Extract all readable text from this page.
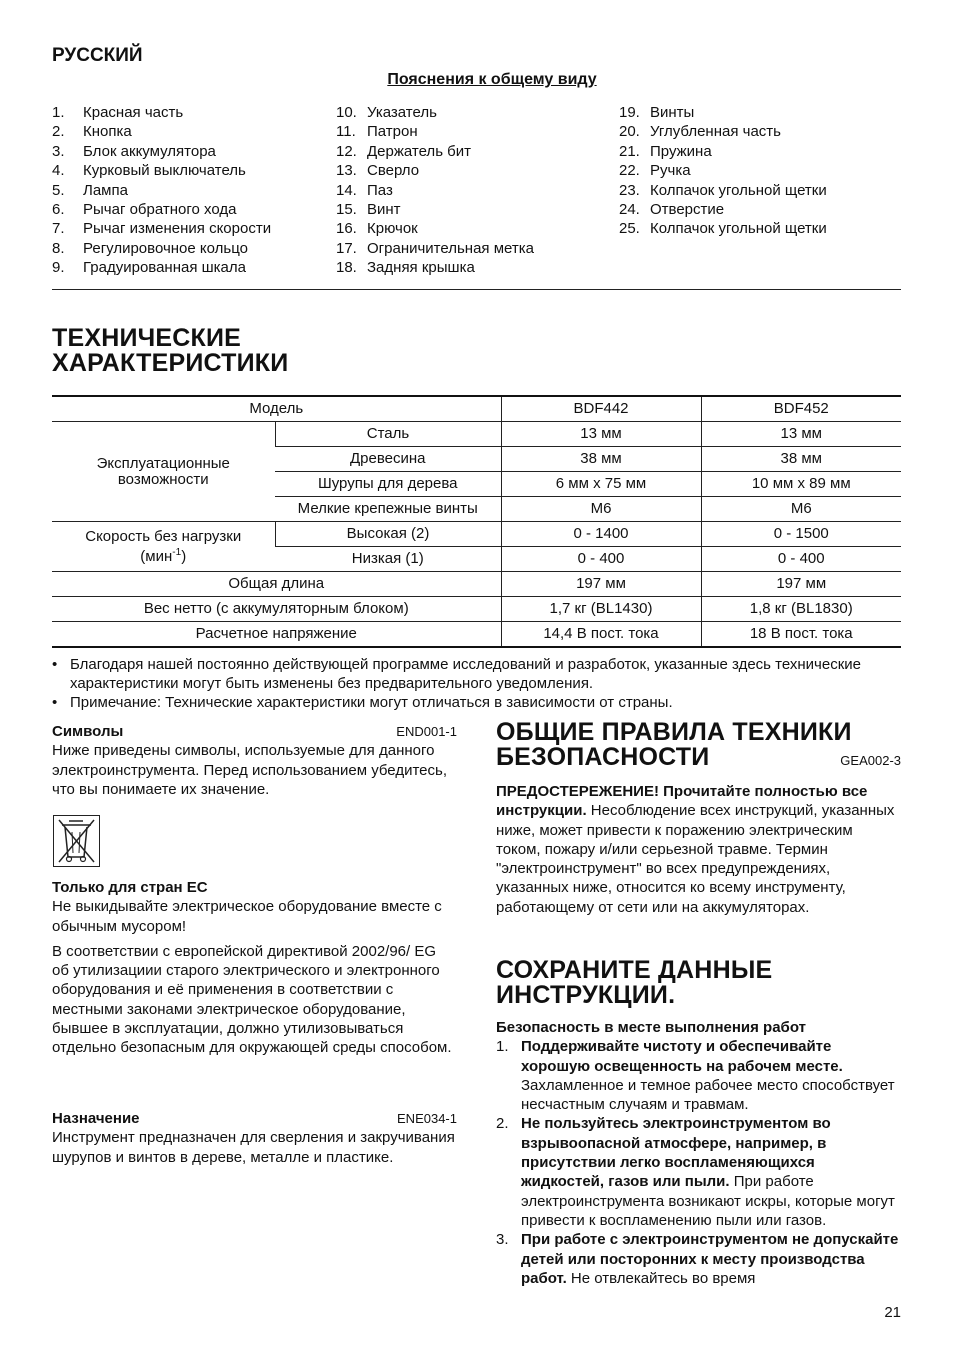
РУССКИЙ
Пояснения к общему виду
1. Красная часть
2. Кнопка
3. Блок аккумулятора
4. Курковый выключатель
5. Лампа
6. Рычаг обратного хода
7. Рычаг изменения скорости
8. Регулировочное кольцо
9. Градуированная шкала
10. Указатель
11. Патрон
12. Держатель бит
13. Сверло
14. Паз
15. Винт
16. Крючок
17. Ограничительная метка
18. Задняя крышка
19. Винты
20. Углубленная часть
21. Пружина
22. Ручка
23. Колпачок угольной щетки
24. Отверстие
25. Колпачок угольной щетки
ТЕХНИЧЕСКИЕ
ХАРАКТЕРИСТИКИ
Модель		BDF442	BDF452

Эксплуатационные
возможности	Сталь	13 мм	13 мм
	Древесина	38 мм	38 мм
	Шурупы для дерева	6 мм x 75 мм	10 мм x 89 мм
	Мелкие крепежные винты	M6	M6

Скорость без нагрузки
(мин$^{-1}$)	Высокая (2)	0 - 1400	0 - 1500
	Низкая (1)	0 - 400	0 - 400
Общая длина		197 мм	197 мм
Вес нетто (с аккумуляторным блоком)		1,7 кг (BL1430)	1,8 кг (BL1830)
Расчетное напряжение		14,4 В пост. тока	18 В пост. тока
• Благодаря нашей постоянно действующей программе исследований и разработок, указанные здесь технические характеристики могут быть изменены без предварительного уведомления.
• Примечание: Технические характеристики могут отличаться в зависимости от страны.
Символы	END001-1
Ниже приведены символы, используемые для данного электроинструмента. Перед использованием убедитесь, что вы понимаете их значение.
Только для стран ЕС
Не выкидывайте электрическое оборудование вместе с обычным мусором!
В соответствии с европейской директивой 2002/96/ EG об утилизациии старого электрического и электронного оборудования и её применения в соответствии с местными законами электрическое оборудование, бывшее в эксплуатации, должно утилизовываться отдельно безопасным для окружающей среды способом.
Назначение	ENE034-1
Инструмент предназначен для сверления и закручивания шурупов и винтов в дереве, металле и пластике.
ОБЩИЕ ПРАВИЛА ТЕХНИКИ
БЕЗОПАСНОСТИ	GEA002-3
ПРЕДОСТЕРЕЖЕНИЕ! Прочитайте полностью все инструкции. Несоблюдение всех инструкций, указанных ниже, может привести к поражению электрическим током, пожару и/или серьезной травме. Термин "электроинструмент" во всех предупреждениях, указанных ниже, относится ко всему инструменту, работающему от сети или на аккумуляторах.
СОХРАНИТЕ ДАННЫЕ
ИНСТРУКЦИИ.
Безопасность в месте выполнения работ
1. Поддерживайте чистоту и обеспечивайте хорошую освещенность на рабочем месте. Захламленное и темное рабочее место способствует несчастным случаям и травмам.
2. Не пользуйтесь электроинструментом во взрывоопасной атмосфере, например, в присутствии легко воспламеняющихся жидкостей, газов или пыли. При работе электроинструмента возникают искры, которые могут привести к воспламенению пыли или газов.
3. При работе с электроинструментом не допускайте детей или посторонних к месту производства работ. Не отвлекайтесь во время
21
